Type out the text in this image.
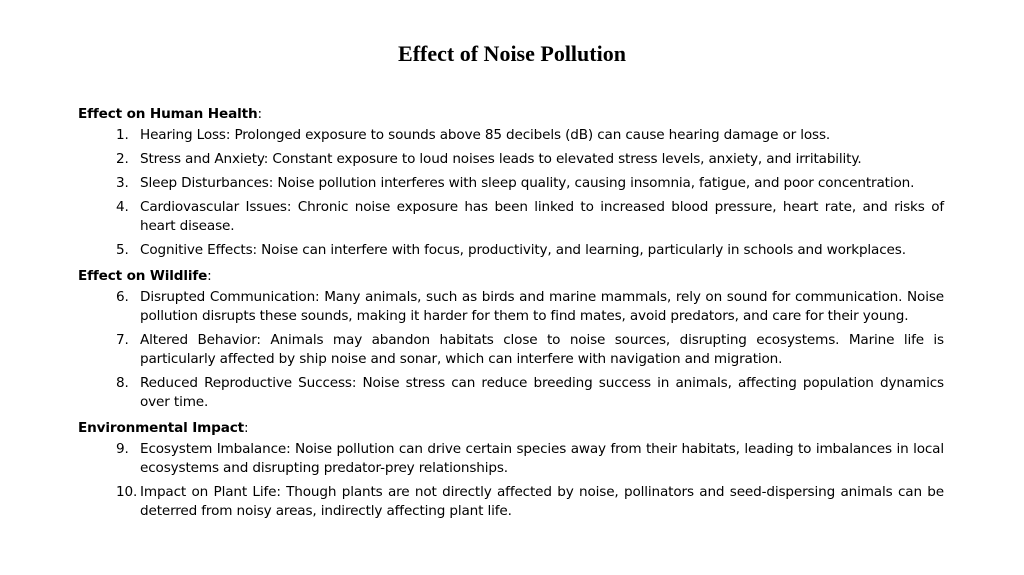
Effect of Noise Pollution
Effect on Human Health:
1. Hearing Loss: Prolonged exposure to sounds above 85 decibels (dB) can cause hearing damage or loss.
2. Stress and Anxiety: Constant exposure to loud noises leads to elevated stress levels, anxiety, and irritability.
3. Sleep Disturbances: Noise pollution interferes with sleep quality, causing insomnia, fatigue, and poor concentration.
4. Cardiovascular Issues: Chronic noise exposure has been linked to increased blood pressure, heart rate, and risks of heart disease.
5. Cognitive Effects: Noise can interfere with focus, productivity, and learning, particularly in schools and workplaces.
Effect on Wildlife:
6. Disrupted Communication: Many animals, such as birds and marine mammals, rely on sound for communication. Noise pollution disrupts these sounds, making it harder for them to find mates, avoid predators, and care for their young.
7. Altered Behavior: Animals may abandon habitats close to noise sources, disrupting ecosystems. Marine life is particularly affected by ship noise and sonar, which can interfere with navigation and migration.
8. Reduced Reproductive Success: Noise stress can reduce breeding success in animals, affecting population dynamics over time.
Environmental Impact:
9. Ecosystem Imbalance: Noise pollution can drive certain species away from their habitats, leading to imbalances in local ecosystems and disrupting predator-prey relationships.
10. Impact on Plant Life: Though plants are not directly affected by noise, pollinators and seed-dispersing animals can be deterred from noisy areas, indirectly affecting plant life.
